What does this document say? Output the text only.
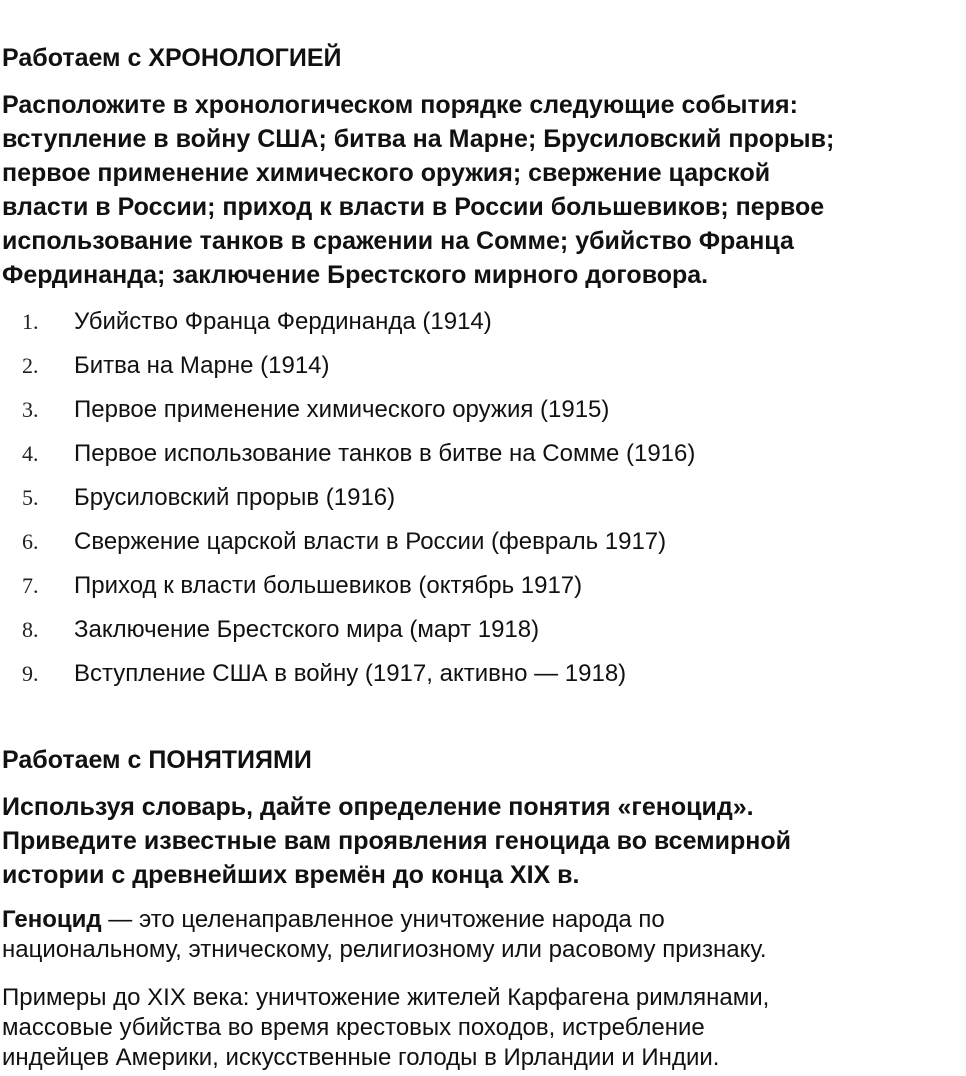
Работаем с ХРОНОЛОГИЕЙ
Расположите в хронологическом порядке следующие события:
вступление в войну США; битва на Марне; Брусиловский прорыв;
первое применение химического оружия; свержение царской
власти в России; приход к власти в России большевиков; первое
использование танков в сражении на Сомме; убийство Франца
Фердинанда; заключение Брестского мирного договора.
1.	Убийство Франца Фердинанда (1914)
2.	Битва на Марне (1914)
3.	Первое применение химического оружия (1915)
4.	Первое использование танков в битве на Сомме (1916)
5.	Брусиловский прорыв (1916)
6.	Свержение царской власти в России (февраль 1917)
7.	Приход к власти большевиков (октябрь 1917)
8.	Заключение Брестского мира (март 1918)
9.	Вступление США в войну (1917, активно — 1918)
Работаем с ПОНЯТИЯМИ
Используя словарь, дайте определение понятия «геноцид».
Приведите известные вам проявления геноцида во всемирной
истории с древнейших времён до конца XIX в.
Геноцид — это целенаправленное уничтожение народа по
национальному, этническому, религиозному или расовому признаку.
Примеры до XIX века: уничтожение жителей Карфагена римлянами,
массовые убийства во время крестовых походов, истребление
индейцев Америки, искусственные голоды в Ирландии и Индии.
